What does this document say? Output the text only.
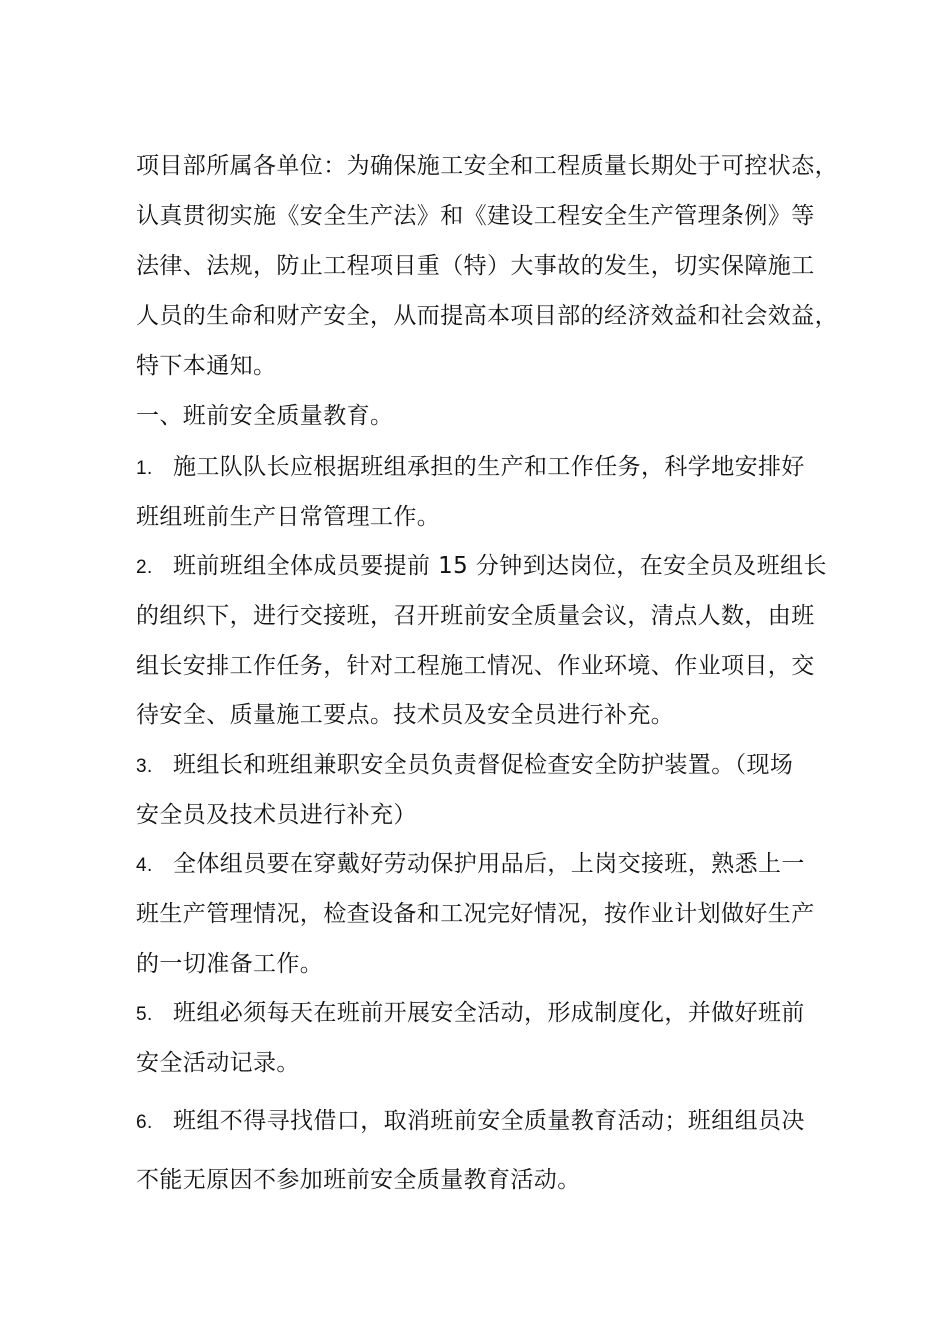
项目部所属各单位：为确保施工安全和工程质量长期处于可控状态，
认真贯彻实施《安全生产法》和《建设工程安全生产管理条例》等
法律、法规，防止工程项目重（特）大事故的发生，切实保障施工
人员的生命和财产安全，从而提高本项目部的经济效益和社会效益，
特下本通知。
一、班前安全质量教育。
1. 施工队队长应根据班组承担的生产和工作任务，科学地安排好
班组班前生产日常管理工作。
2. 班前班组全体成员要提前 15 分钟到达岗位，在安全员及班组长
的组织下，进行交接班，召开班前安全质量会议，清点人数，由班
组长安排工作任务，针对工程施工情况、作业环境、作业项目，交
待安全、质量施工要点。技术员及安全员进行补充。
3. 班组长和班组兼职安全员负责督促检查安全防护装置。（现场
安全员及技术员进行补充）
4. 全体组员要在穿戴好劳动保护用品后，上岗交接班，熟悉上一
班生产管理情况，检查设备和工况完好情况，按作业计划做好生产
的一切准备工作。
5. 班组必须每天在班前开展安全活动，形成制度化，并做好班前
安全活动记录。
6. 班组不得寻找借口，取消班前安全质量教育活动；班组组员决
不能无原因不参加班前安全质量教育活动。
